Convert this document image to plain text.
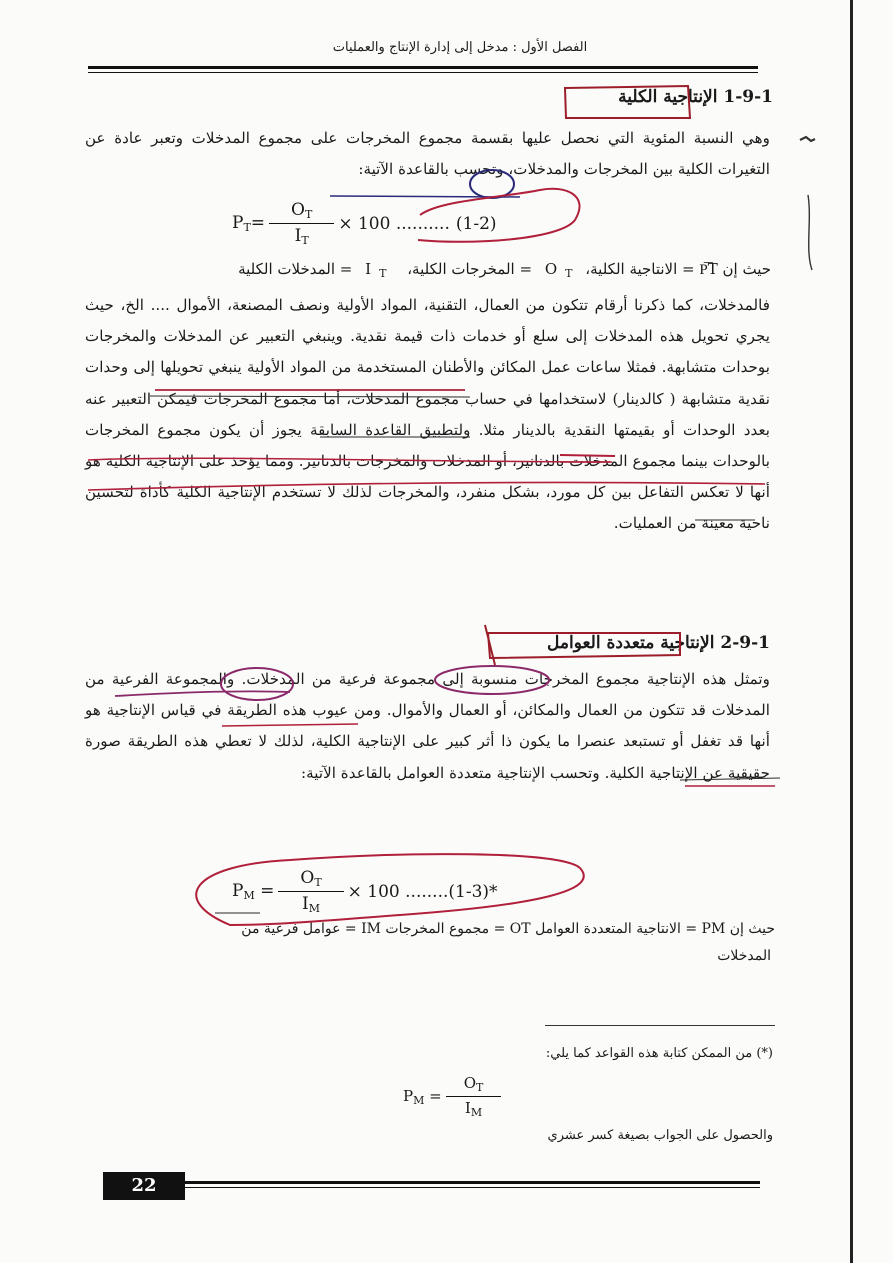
الفصل الأول : مدخل إلى إدارة الإنتاج والعمليات
1-9-1 الإنتاجية الكلية
وهي النسبة المئوية التي نحصل عليها بقسمة مجموع المخرجات على مجموع المدخلات وتعبر عادة عن التغيرات الكلية بين المخرجات والمدخلات، وتحسب بالقاعدة الآتية:
$P_T= \frac{O_T}{I_T} \times 100$ .......... (1-2)
حيث إن P͞T = الانتاجية الكلية، O $_T$ = المخرجات الكلية، I $_T$ = المدخلات الكلية
فالمدخلات، كما ذكرنا أرقام تتكون من العمال، التقنية، المواد الأولية ونصف المصنعة، الأموال .... الخ، حيث يجري تحويل هذه المدخلات إلى سلع أو خدمات ذات قيمة نقدية. وينبغي التعبير عن المدخلات والمخرجات بوحدات متشابهة. فمثلا ساعات عمل المكائن والأطنان المستخدمة من المواد الأولية ينبغي تحويلها إلى وحدات نقدية متشابهة ( كالدينار) لاستخدامها في حساب مجموع المدخلات، أما مجموع المخرجات فيمكن التعبير عنه بعدد الوحدات أو بقيمتها النقدية بالدينار مثلا. ولتطبيق القاعدة السابقة يجوز أن يكون مجموع المخرجات بالوحدات بينما مجموع المدخلات بالدنانير، أو المدخلات والمخرجات بالدنانير. ومما يؤخذ على الإنتاجية الكلية هو أنها لا تعكس التفاعل بين كل مورد، بشكل منفرد، والمخرجات لذلك لا تستخدم الإنتاجية الكلية كأداة لتحسين ناحية معينة من العمليات.
2-9-1 الإنتاجية متعددة العوامل
وتمثل هذه الإنتاجية مجموع المخرجات منسوبة إلى مجموعة فرعية من المدخلات. والمجموعة الفرعية من المدخلات قد تتكون من العمال والمكائن، أو العمال والأموال. ومن عيوب هذه الطريقة في قياس الإنتاجية هو أنها قد تغفل أو تستبعد عنصرا ما يكون ذا أثر كبير على الإنتاجية الكلية، لذلك لا تعطي هذه الطريقة صورة حقيقية عن الإنتاجية الكلية. وتحسب الإنتاجية متعددة العوامل بالقاعدة الآتية:
$P_M = \frac{O_T}{I_M} \times 100$ ........ (1-3)*
حيث إن P͏M = الانتاجية المتعددة العوامل O͏T = مجموع المخرجات I͏M = عوامل فرعية من
المدخلات
(*) من الممكن كتابة هذه القواعد كما يلي:
$P_M = \frac{O_T}{I_M}$
والحصول على الجواب بصيغة كسر عشري
22
